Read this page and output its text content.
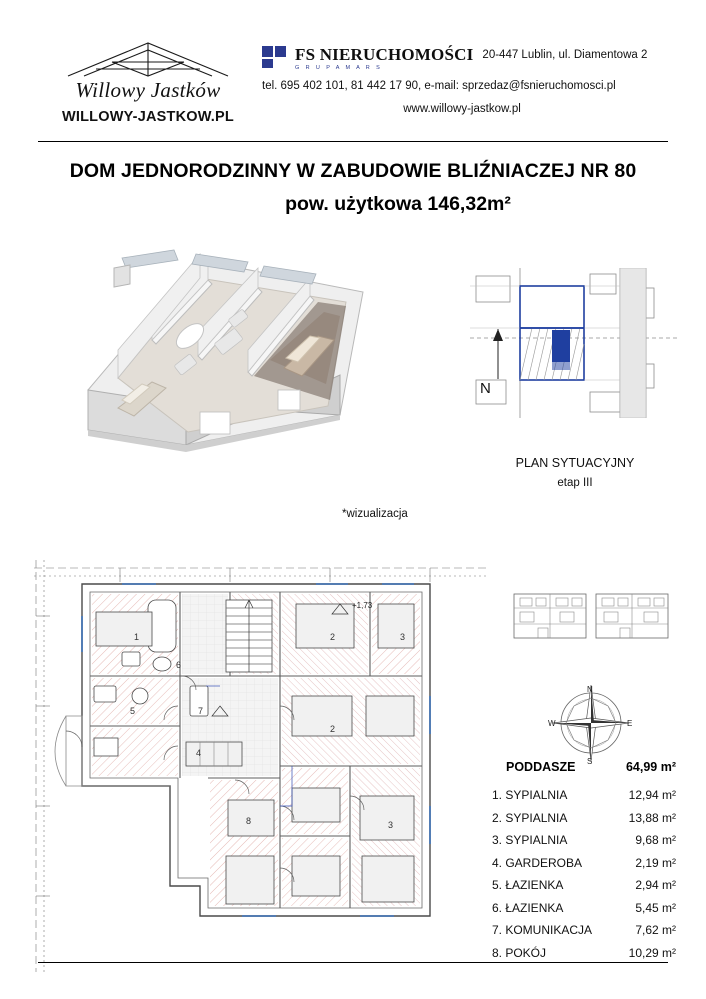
Willowy Jastków
WILLOWY-JASTKOW.PL
FS NIERUCHOMOŚCI
G R U P A M A R S
20-447 Lublin, ul. Diamentowa 2
tel. 695 402 101, 81 442 17 90, e-mail: sprzedaz@fsnieruchomosci.pl
www.willowy-jastkow.pl
DOM JEDNORODZINNY W ZABUDOWIE BLIŹNIACZEJ NR 80
pow. użytkowa 146,32m²
*wizualizacja
N
PLAN SYTUACYJNY
etap III
+1,73
1
5	7
6
4
8
2	3
2
3
N
S
W	E
PODDASZE	64,99 m²
1. SYPIALNIA	12,94 m²
2. SYPIALNIA	13,88 m²
3. SYPIALNIA	9,68 m²
4. GARDEROBA	2,19 m²
5. ŁAZIENKA	2,94 m²
6. ŁAZIENKA	5,45 m²
7. KOMUNIKACJA	7,62 m²
8. POKÓJ	10,29 m²
